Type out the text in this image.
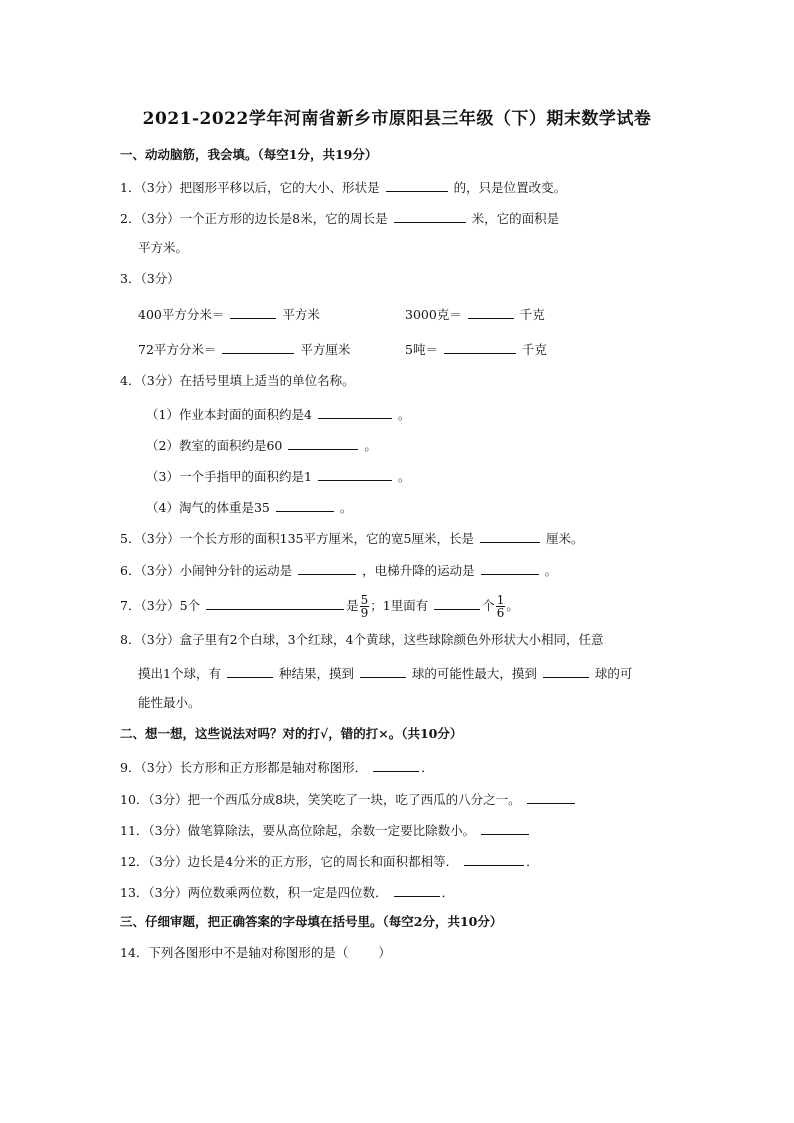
2021-2022学年河南省新乡市原阳县三年级（下）期末数学试卷
一、动动脑筋，我会填。（每空1分，共19分）
1．（3分）把图形平移以后，它的大小、形状是	的，只是位置改变。
2．（3分）一个正方形的边长是8米，它的周长是	米，它的面积是
平方米。
3．（3分）
400平方分米＝	平方米	3000克＝	千克
72平方分米＝	平方厘米	5吨＝	千克
4．（3分）在括号里填上适当的单位名称。
（1）作业本封面的面积约是4	。
（2）教室的面积约是60	。
（3）一个手指甲的面积约是1	。
（4）淘气的体重是35	。
5．（3分）一个长方形的面积135平方厘米，它的宽5厘米，长是	厘米。
6．（3分）小闹钟分针的运动是	，电梯升降的运动是	。
7．（3分）5个	是 $\frac{5}{9}$ ；1里面有	个 $\frac{1}{6}$ 。
8．（3分）盒子里有2个白球，3个红球，4个黄球，这些球除颜色外形状大小相同，任意
摸出1个球，有	种结果，摸到	球的可能性最大，摸到	球的可
能性最小。
二、想一想，这些说法对吗？对的打√，错的打×。（共10分）
9．（3分）长方形和正方形都是轴对称图形．	．
10．（3分）把一个西瓜分成8块，笑笑吃了一块，吃了西瓜的八分之一。
11．（3分）做笔算除法，要从高位除起，余数一定要比除数小。
12．（3分）边长是4分米的正方形，它的周长和面积都相等．	．
13．（3分）两位数乘两位数，积一定是四位数．	．
三、仔细审题，把正确答案的字母填在括号里。（每空2分，共10分）
14．下列各图形中不是轴对称图形的是（ ）
